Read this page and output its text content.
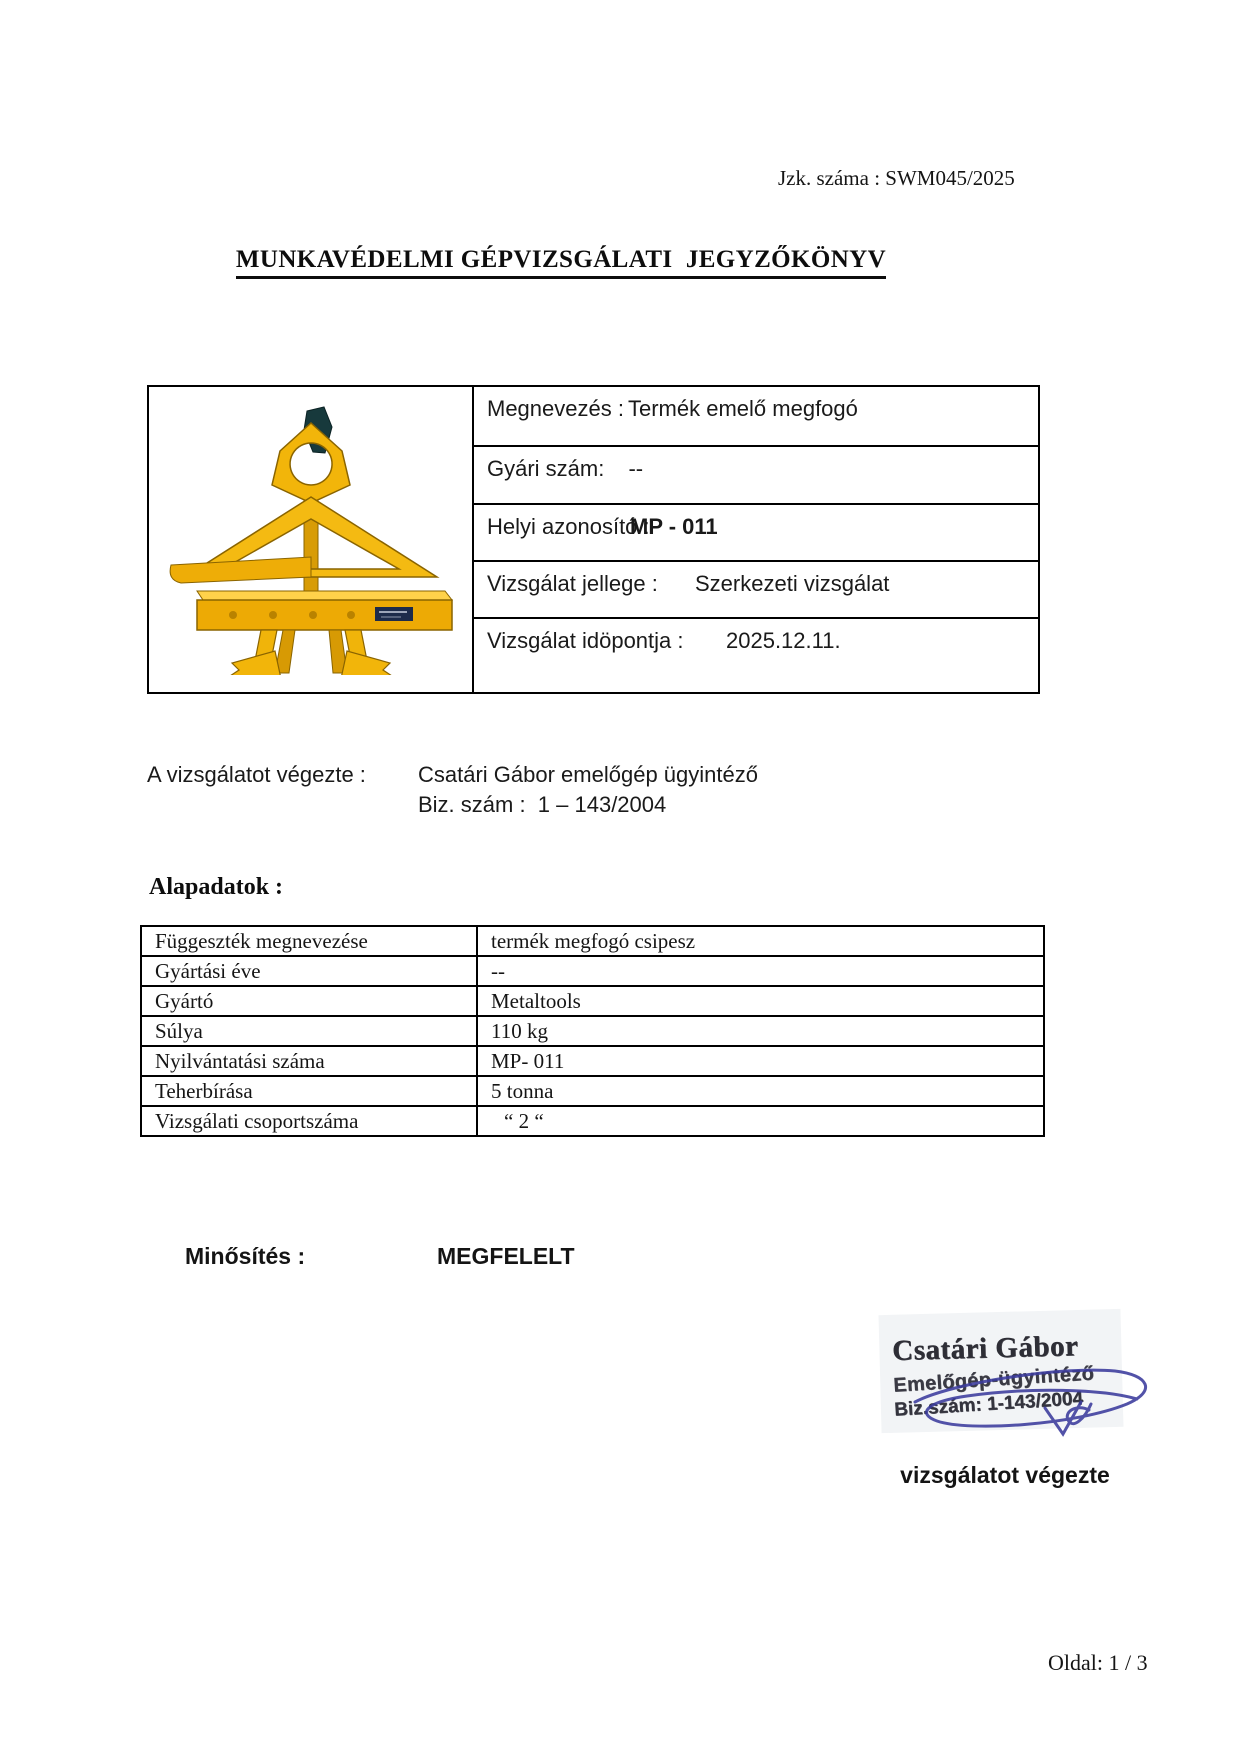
Jzk. száma : SWM045/2025
MUNKAVÉDELMI GÉPVIZSGÁLATI  JEGYZŐKÖNYV
Megnevezés : Termék emelő megfogó
Gyári szám: --
Helyi azonosító :
MP - 011
Vizsgálat jellege : Szerkezeti vizsgálat
Vizsgálat idöpontja : 2025.12.11.
A vizsgálatot végezte :	Csatári Gábor emelőgép ügyintéző
Biz. szám :  1 – 143/2004
Alapadatok :
Függeszték megnevezése	termék megfogó csipesz
Gyártási éve	--
Gyártó	Metaltools
Súlya	110 kg
Nyilvántatási száma	MP- 011
Teherbírása	5 tonna
Vizsgálati csoportszáma	“ 2 “
Minősítés :	MEGFELELT
Csatári Gábor
Emelőgép-ügyintéző
Biz.szám: 1-143/2004
vizsgálatot végezte
Oldal: 1 / 3
